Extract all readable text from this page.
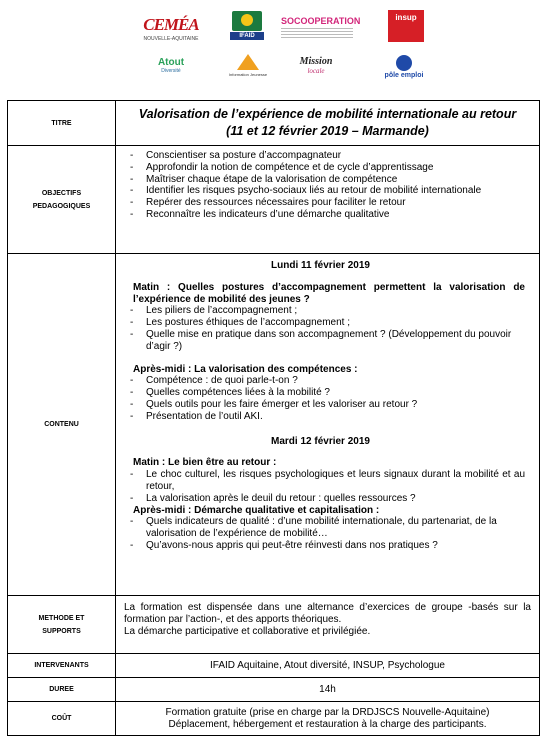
CEMÉA
NOUVELLE-AQUITAINE	IFAID
SOCOOPERATION	insup
Atout
Diversité
Information Jeunesse
Mission
locale
pôle emploi
TITRE
Valorisation de l’expérience de mobilité internationale au retour
(11 et 12 février 2019 – Marmande)
OBJECTIFS
PEDAGOGIQUES
- Conscientiser sa posture d’accompagnateur
- Approfondir la notion de compétence et de cycle d’apprentissage
- Maîtriser chaque étape de la valorisation de compétence
- Identifier les risques psycho-sociaux liés au retour de mobilité internationale
- Repérer des ressources nécessaires pour faciliter le retour
- Reconnaître les indicateurs d’une démarche qualitative
CONTENU
Lundi 11 février 2019
Matin : Quelles postures d’accompagnement permettent la valorisation de l’expérience de mobilité des jeunes ?
- Les piliers de l’accompagnement ;
- Les postures éthiques de l’accompagnement ;
- Quelle mise en pratique dans son accompagnement ? (Développement du pouvoir d’agir ?)
Après-midi : La valorisation des compétences :
- Compétence : de quoi parle-t-on ?
- Quelles compétences liées à la mobilité ?
- Quels outils pour les faire émerger et les valoriser au retour ?
- Présentation de l’outil AKI.
Mardi 12 février 2019
Matin : Le bien être au retour :
- Le choc culturel, les risques psychologiques et leurs signaux durant la mobilité et au retour,
- La valorisation après le deuil du retour : quelles ressources ?
Après-midi : Démarche qualitative et capitalisation :
- Quels indicateurs de qualité : d’une mobilité internationale, du partenariat, de la valorisation de l’expérience de mobilité…
- Qu’avons-nous appris qui peut-être réinvesti dans nos pratiques ?
METHODE ET
SUPPORTS
La formation est dispensée dans une alternance d’exercices de groupe -basés sur la formation par l’action-, et des apports théoriques.
La démarche participative et collaborative et privilégiée.
INTERVENANTS	IFAID Aquitaine, Atout diversité, INSUP, Psychologue
DUREE	14h
COÛT
Formation gratuite (prise en charge par la DRDJSCS Nouvelle-Aquitaine)
Déplacement, hébergement et restauration à la charge des participants.
